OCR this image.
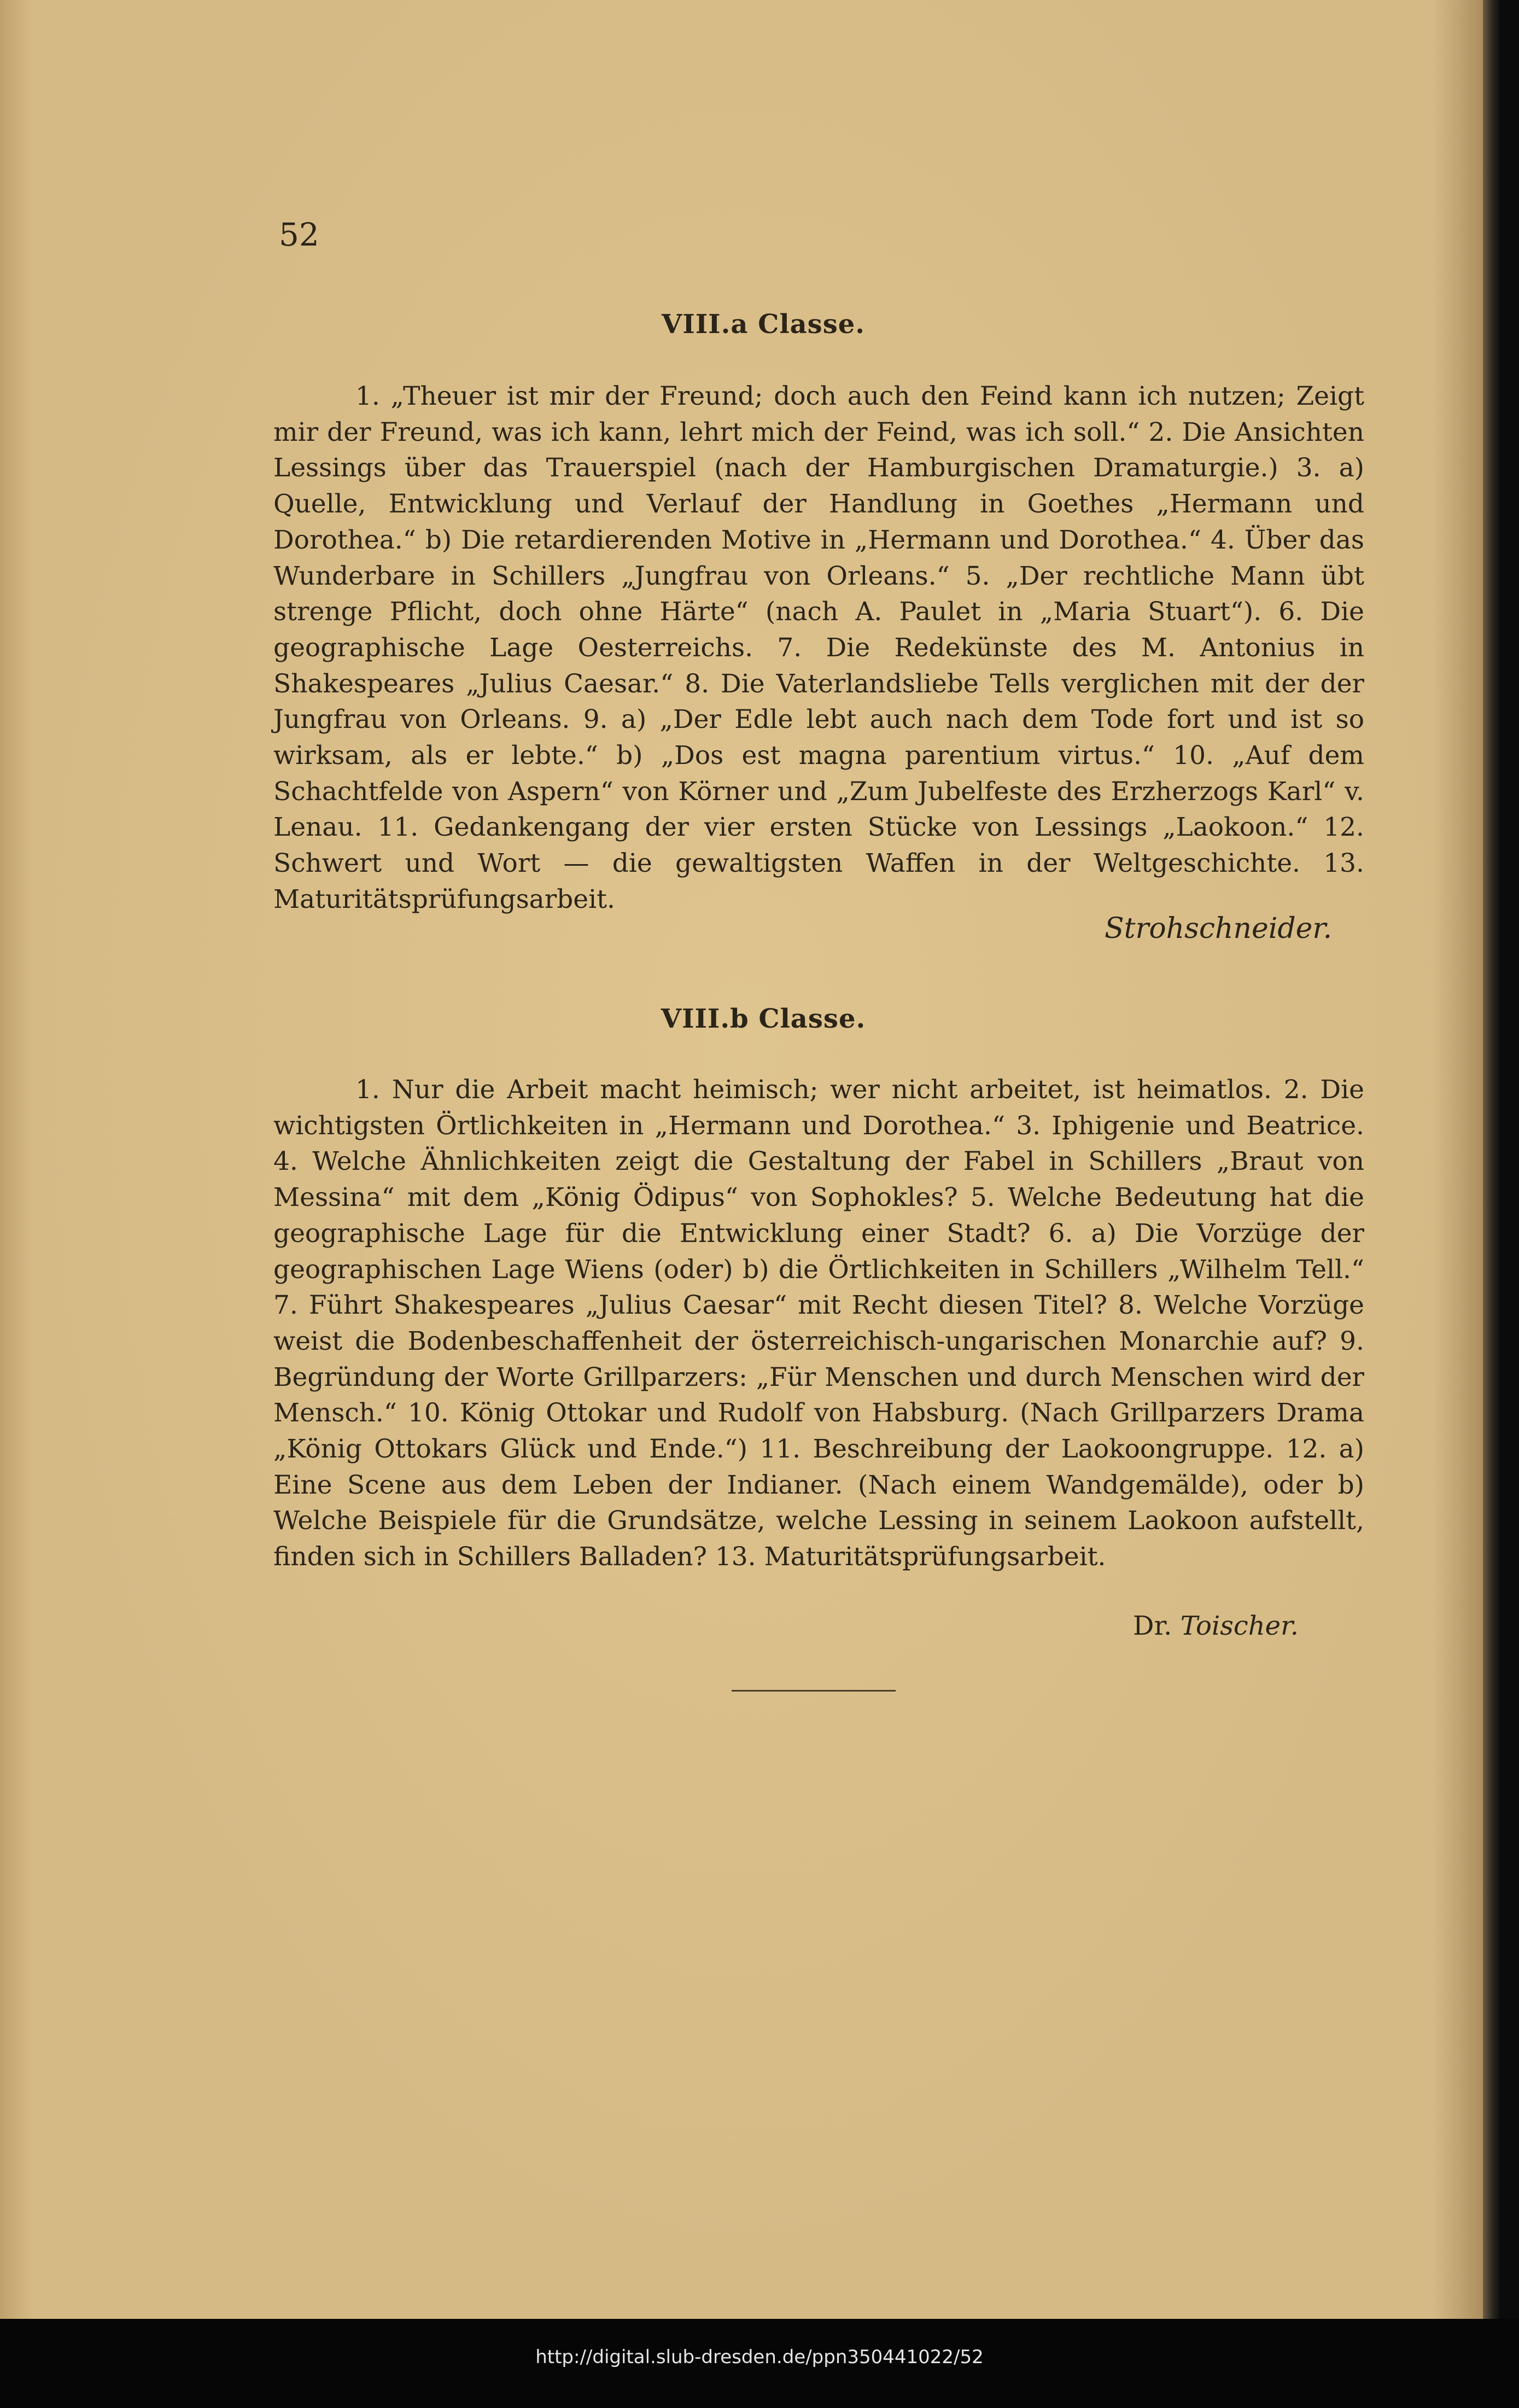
52
VIII.a Classe.
1. „Theuer ist mir der Freund; doch auch den Feind kann ich nutzen; Zeigt mir der Freund, was ich kann, lehrt mich der Feind, was ich soll.“ 2. Die Ansichten Lessings über das Trauerspiel (nach der Hamburgischen Dramaturgie.) 3. a) Quelle, Entwicklung und Verlauf der Handlung in Goethes „Hermann und Dorothea.“ b) Die retardierenden Motive in „Hermann und Dorothea.“ 4. Über das Wunderbare in Schillers „Jungfrau von Orleans.“ 5. „Der rechtliche Mann übt strenge Pflicht, doch ohne Härte“ (nach A. Paulet in „Maria Stuart“). 6. Die geographische Lage Oesterreichs. 7. Die Redekünste des M. Antonius in Shakespeares „Julius Caesar.“ 8. Die Vaterlandsliebe Tells verglichen mit der der Jungfrau von Orleans. 9. a) „Der Edle lebt auch nach dem Tode fort und ist so wirksam, als er lebte.“ b) „Dos est magna parentium virtus.“ 10. „Auf dem Schachtfelde von Aspern“ von Körner und „Zum Jubelfeste des Erzherzogs Karl“ v. Lenau. 11. Gedankengang der vier ersten Stücke von Lessings „Laokoon.“ 12. Schwert und Wort — die gewaltigsten Waffen in der Weltgeschichte. 13. Maturitätsprüfungsarbeit.
Strohschneider.
VIII.b Classe.
1. Nur die Arbeit macht heimisch; wer nicht arbeitet, ist heimatlos. 2. Die wichtigsten Örtlichkeiten in „Hermann und Dorothea.“ 3. Iphigenie und Beatrice. 4. Welche Ähnlichkeiten zeigt die Gestaltung der Fabel in Schillers „Braut von Messina“ mit dem „König Ödipus“ von Sophokles? 5. Welche Bedeutung hat die geographische Lage für die Entwicklung einer Stadt? 6. a) Die Vorzüge der geographischen Lage Wiens (oder) b) die Örtlichkeiten in Schillers „Wilhelm Tell.“ 7. Führt Shakespeares „Julius Caesar“ mit Recht diesen Titel? 8. Welche Vorzüge weist die Bodenbeschaffenheit der österreichisch-ungarischen Monarchie auf? 9. Begründung der Worte Grillparzers: „Für Menschen und durch Menschen wird der Mensch.“ 10. König Ottokar und Rudolf von Habsburg. (Nach Grillparzers Drama „König Ottokars Glück und Ende.“) 11. Beschreibung der Laokoongruppe. 12. a) Eine Scene aus dem Leben der Indianer. (Nach einem Wandgemälde), oder b) Welche Beispiele für die Grundsätze, welche Lessing in seinem Laokoon aufstellt, finden sich in Schillers Balladen? 13. Maturitätsprüfungsarbeit.
Dr. Toischer.
http://digital.slub-dresden.de/ppn350441022/52
